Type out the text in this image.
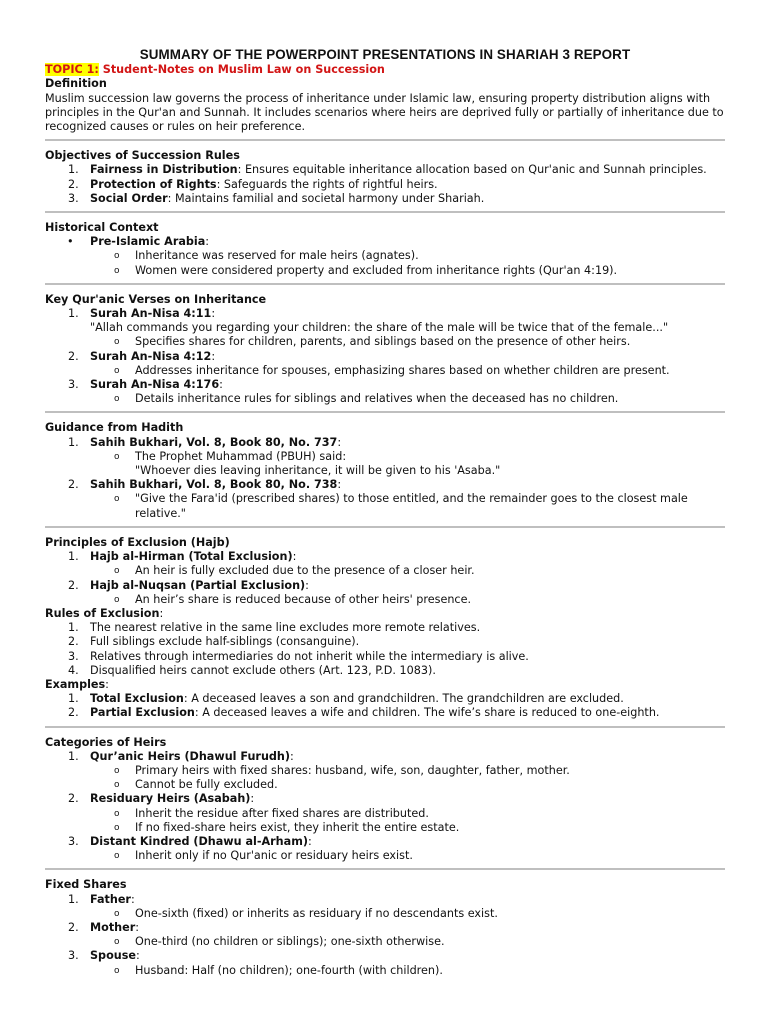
SUMMARY OF THE POWERPOINT PRESENTATIONS IN SHARIAH 3 REPORT
TOPIC 1: Student-Notes on Muslim Law on Succession
Definition
Muslim succession law governs the process of inheritance under Islamic law, ensuring property distribution aligns with principles in the Qur'an and Sunnah. It includes scenarios where heirs are deprived fully or partially of inheritance due to recognized causes or rules on heir preference.
Objectives of Succession Rules
1. Fairness in Distribution: Ensures equitable inheritance allocation based on Qur'anic and Sunnah principles.
2. Protection of Rights: Safeguards the rights of rightful heirs.
3. Social Order: Maintains familial and societal harmony under Shariah.
Historical Context
• Pre-Islamic Arabia:
o Inheritance was reserved for male heirs (agnates).
o Women were considered property and excluded from inheritance rights (Qur'an 4:19).
Key Qur'anic Verses on Inheritance
1. Surah An-Nisa 4:11:
"Allah commands you regarding your children: the share of the male will be twice that of the female..."
o Specifies shares for children, parents, and siblings based on the presence of other heirs.
2. Surah An-Nisa 4:12:
o Addresses inheritance for spouses, emphasizing shares based on whether children are present.
3. Surah An-Nisa 4:176:
o Details inheritance rules for siblings and relatives when the deceased has no children.
Guidance from Hadith
1. Sahih Bukhari, Vol. 8, Book 80, No. 737:
o The Prophet Muhammad (PBUH) said:
"Whoever dies leaving inheritance, it will be given to his 'Asaba."
2. Sahih Bukhari, Vol. 8, Book 80, No. 738:
o "Give the Fara'id (prescribed shares) to those entitled, and the remainder goes to the closest male relative."
Principles of Exclusion (Hajb)
1. Hajb al-Hirman (Total Exclusion):
o An heir is fully excluded due to the presence of a closer heir.
2. Hajb al-Nuqsan (Partial Exclusion):
o An heir’s share is reduced because of other heirs' presence.
Rules of Exclusion:
1. The nearest relative in the same line excludes more remote relatives.
2. Full siblings exclude half-siblings (consanguine).
3. Relatives through intermediaries do not inherit while the intermediary is alive.
4. Disqualified heirs cannot exclude others (Art. 123, P.D. 1083).
Examples:
1. Total Exclusion: A deceased leaves a son and grandchildren. The grandchildren are excluded.
2. Partial Exclusion: A deceased leaves a wife and children. The wife’s share is reduced to one-eighth.
Categories of Heirs
1. Qur’anic Heirs (Dhawul Furudh):
o Primary heirs with fixed shares: husband, wife, son, daughter, father, mother.
o Cannot be fully excluded.
2. Residuary Heirs (Asabah):
o Inherit the residue after fixed shares are distributed.
o If no fixed-share heirs exist, they inherit the entire estate.
3. Distant Kindred (Dhawu al-Arham):
o Inherit only if no Qur'anic or residuary heirs exist.
Fixed Shares
1. Father:
o One-sixth (fixed) or inherits as residuary if no descendants exist.
2. Mother:
o One-third (no children or siblings); one-sixth otherwise.
3. Spouse:
o Husband: Half (no children); one-fourth (with children).
